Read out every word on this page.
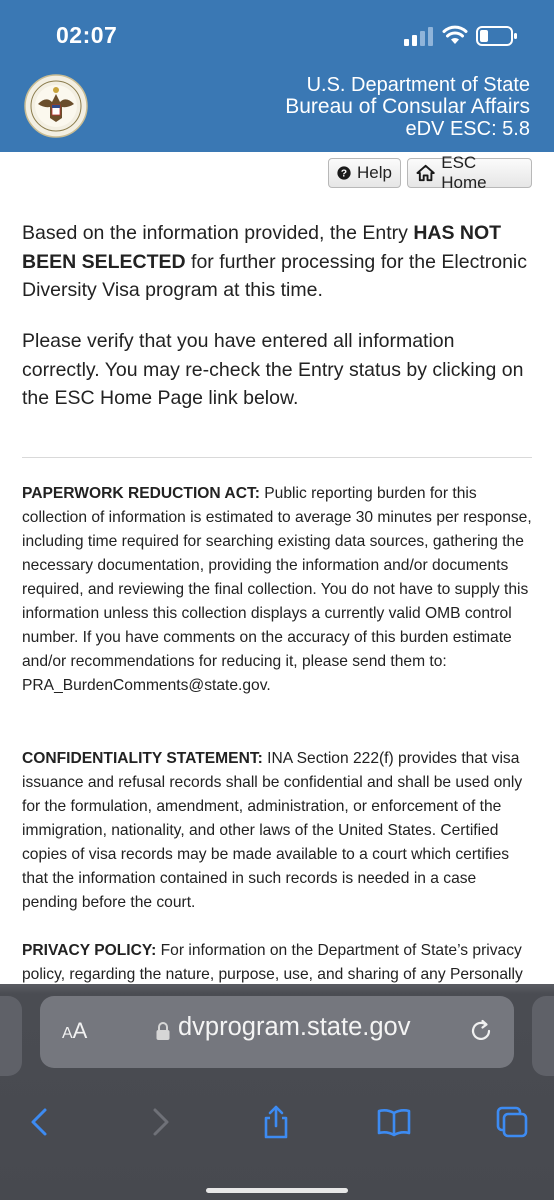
02:07
U.S. Department of State
Bureau of Consular Affairs
eDV ESC: 5.8
? Help
ESC Home
Based on the information provided, the Entry HAS NOT BEEN SELECTED for further processing for the Electronic Diversity Visa program at this time.
Please verify that you have entered all information correctly. You may re-check the Entry status by clicking on the ESC Home Page link below.
PAPERWORK REDUCTION ACT: Public reporting burden for this collection of information is estimated to average 30 minutes per response, including time required for searching existing data sources, gathering the necessary documentation, providing the information and/or documents required, and reviewing the final collection. You do not have to supply this information unless this collection displays a currently valid OMB control number. If you have comments on the accuracy of this burden estimate and/or recommendations for reducing it, please send them to: PRA_BurdenComments@state.gov.
CONFIDENTIALITY STATEMENT: INA Section 222(f) provides that visa issuance and refusal records shall be confidential and shall be used only for the formulation, amendment, administration, or enforcement of the immigration, nationality, and other laws of the United States. Certified copies of visa records may be made available to a court which certifies that the information contained in such records is needed in a case pending before the court.
PRIVACY POLICY: For information on the Department of State’s privacy policy, regarding the nature, purpose, use, and sharing of any Personally
AA	dvprogram.state.gov
